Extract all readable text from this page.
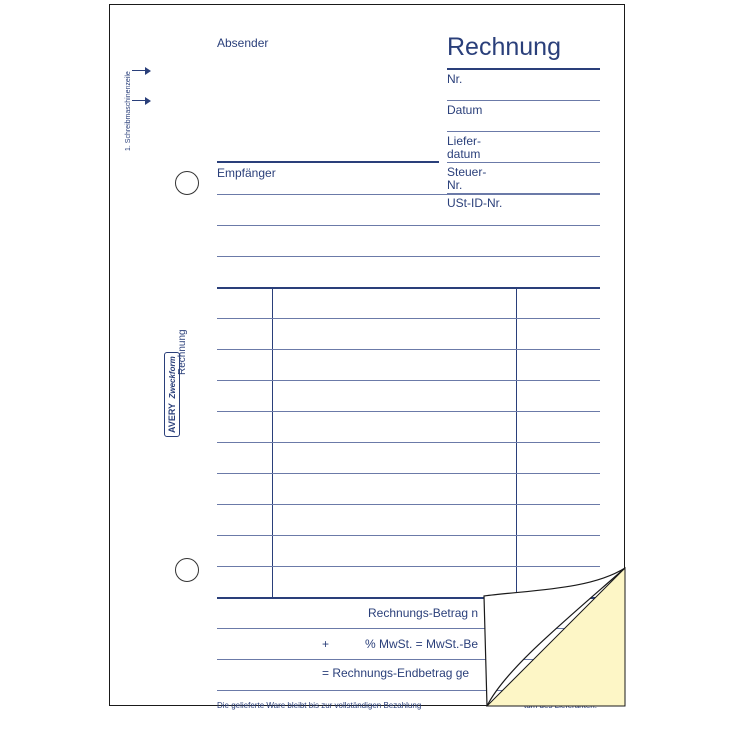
1. Schreibmaschinenzeile
Rechnung
AVERY Zweckform
Absender
Empfänger
Rechnung
Nr.
Datum
Liefer-
datum
Steuer-
Nr.
USt-ID-Nr.
Rechnungs-Betrag n
+	% MwSt. = MwSt.-Be
= Rechnungs-Endbetrag ge
Die gelieferte Ware bleibt bis zur vollständigen Bezahlung
